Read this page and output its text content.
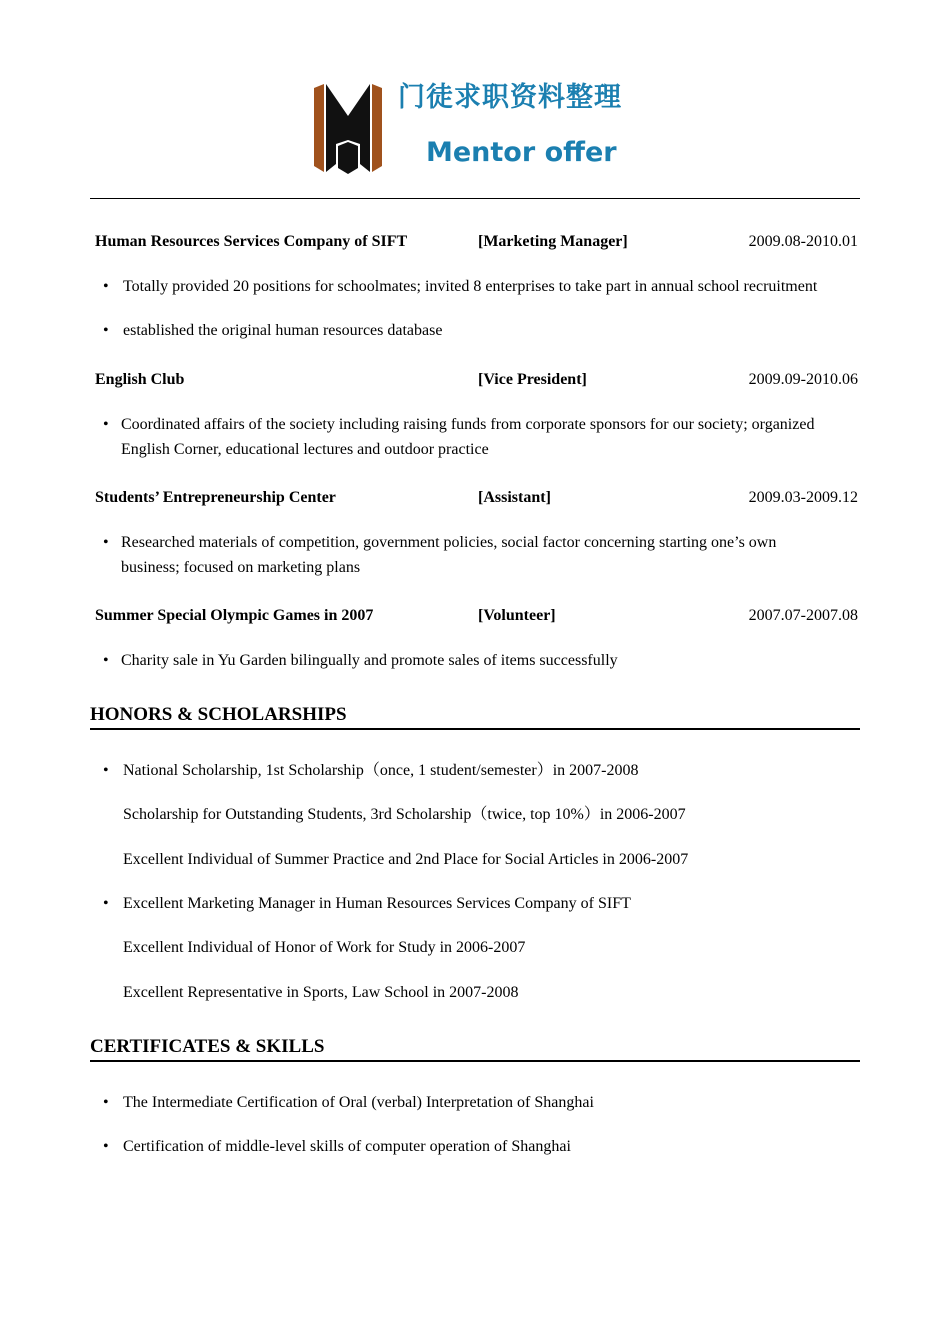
门徒求职资料整理
Mentor offer
Human Resources Services Company of SIFT	[Marketing Manager]	2009.08-2010.01
• Totally provided 20 positions for schoolmates; invited 8 enterprises to take part in annual school recruitment
• established the original human resources database
English Club	[Vice President]	2009.09-2010.06
• Coordinated affairs of the society including raising funds from corporate sponsors for our society; organized English Corner, educational lectures and outdoor practice
Students’ Entrepreneurship Center	[Assistant]	2009.03-2009.12
• Researched materials of competition, government policies, social factor concerning starting one’s own business; focused on marketing plans
Summer Special Olympic Games in 2007	[Volunteer]	2007.07-2007.08
• Charity sale in Yu Garden bilingually and promote sales of items successfully
HONORS & SCHOLARSHIPS
• National Scholarship, 1st Scholarship（once, 1 student/semester）in 2007-2008
Scholarship for Outstanding Students, 3rd Scholarship（twice, top 10%）in 2006-2007
Excellent Individual of Summer Practice and 2nd Place for Social Articles in 2006-2007
• Excellent Marketing Manager in Human Resources Services Company of SIFT
Excellent Individual of Honor of Work for Study in 2006-2007
Excellent Representative in Sports, Law School in 2007-2008
CERTIFICATES & SKILLS
• The Intermediate Certification of Oral (verbal) Interpretation of Shanghai
• Certification of middle-level skills of computer operation of Shanghai
